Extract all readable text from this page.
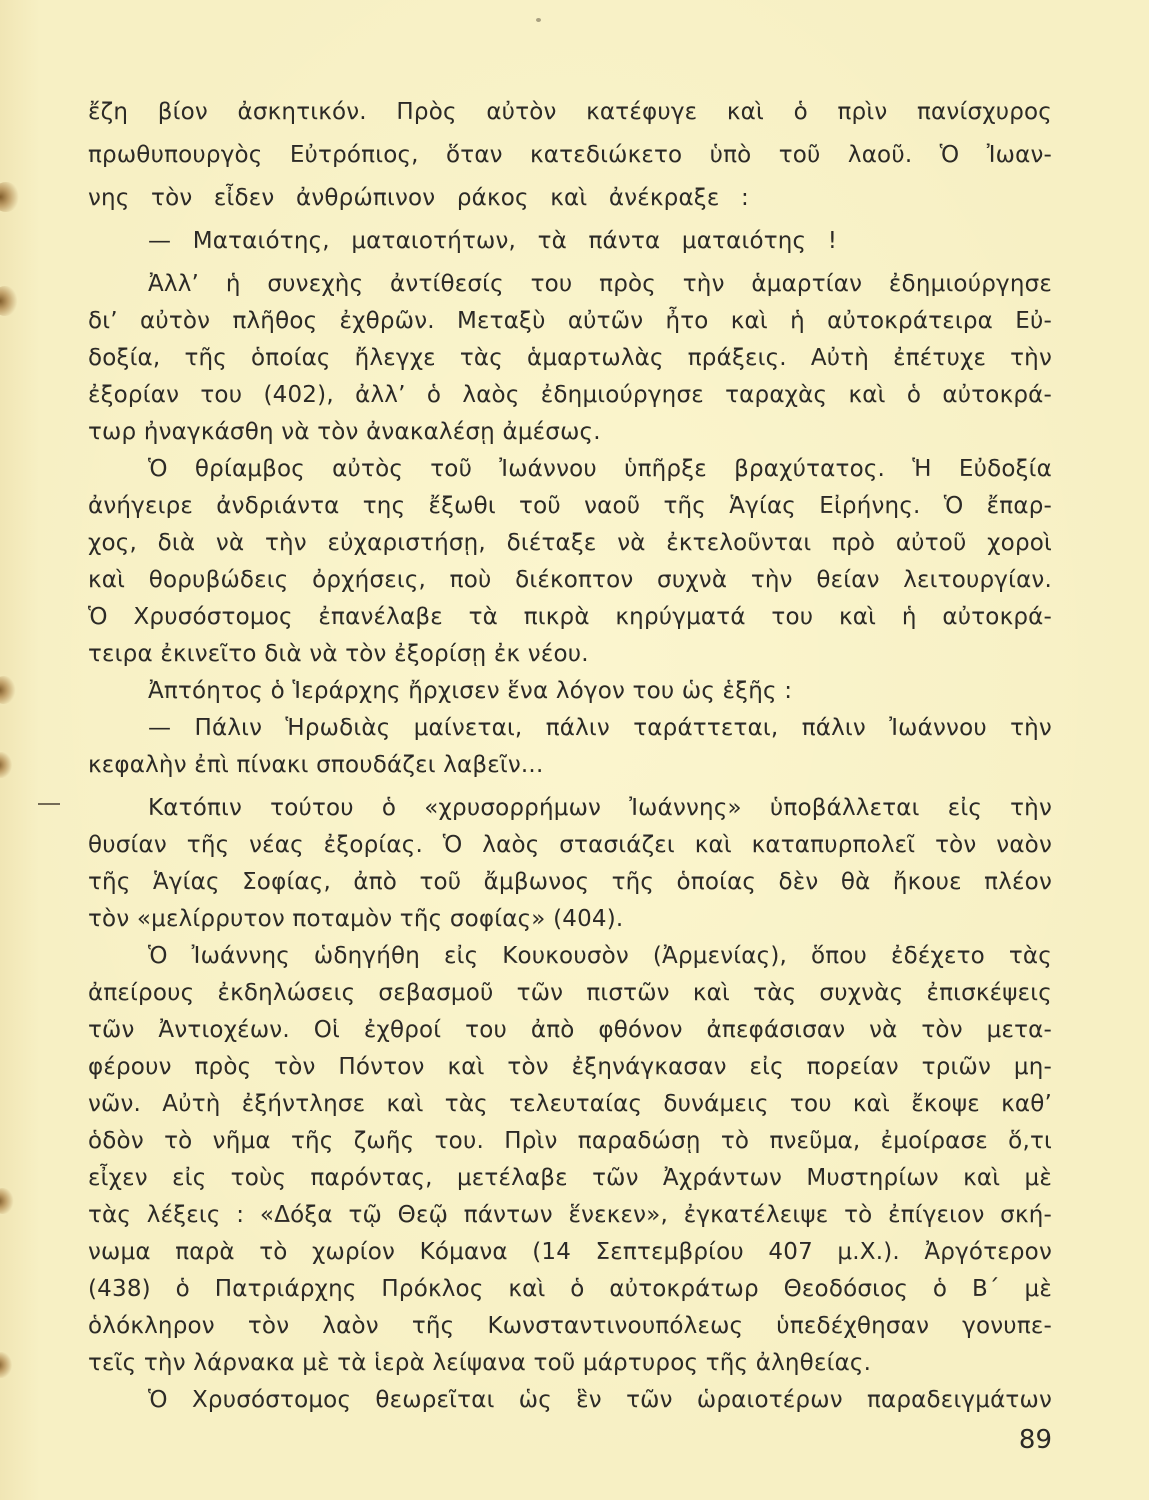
ἔζη βίον ἀσκητικόν. Πρὸς αὐτὸν κατέφυγε καὶ ὁ πρὶν πανίσχυρος
πρωθυπουργὸς Εὐτρόπιος, ὅταν κατεδιώκετο ὑπὸ τοῦ λαοῦ. Ὁ Ἰωαν-
νης τὸν εἶδεν ἀνθρώπινον ράκος καὶ ἀνέκραξε :
— Ματαιότης, ματαιοτήτων, τὰ πάντα ματαιότης !
Ἀλλ’ ἡ συνεχὴς ἀντίθεσίς του πρὸς τὴν ἁμαρτίαν ἐδημιούργησε
δι’ αὐτὸν πλῆθος ἐχθρῶν. Μεταξὺ αὐτῶν ἦτο καὶ ἡ αὐτοκράτειρα Εὐ-
δοξία, τῆς ὁποίας ἤλεγχε τὰς ἁμαρτωλὰς πράξεις. Αὐτὴ ἐπέτυχε τὴν
ἐξορίαν του (402), ἀλλ’ ὁ λαὸς ἐδημιούργησε ταραχὰς καὶ ὁ αὐτοκρά-
τωρ ἠναγκάσθη νὰ τὸν ἀνακαλέσῃ ἀμέσως.
Ὁ θρίαμβος αὐτὸς τοῦ Ἰωάννου ὑπῆρξε βραχύτατος. Ἡ Εὐδοξία
ἀνήγειρε ἀνδριάντα της ἔξωθι τοῦ ναοῦ τῆς Ἁγίας Εἰρήνης. Ὁ ἔπαρ-
χος, διὰ νὰ τὴν εὐχαριστήσῃ, διέταξε νὰ ἐκτελοῦνται πρὸ αὐτοῦ χοροὶ
καὶ θορυβώδεις ὀρχήσεις, ποὺ διέκοπτον συχνὰ τὴν θείαν λειτουργίαν.
Ὁ Χρυσόστομος ἐπανέλαβε τὰ πικρὰ κηρύγματά του καὶ ἡ αὐτοκρά-
τειρα ἐκινεῖτο διὰ νὰ τὸν ἐξορίσῃ ἐκ νέου.
Ἀπτόητος ὁ Ἱεράρχης ἤρχισεν ἕνα λόγον του ὡς ἑξῆς :
— Πάλιν Ἡρωδιὰς μαίνεται, πάλιν ταράττεται, πάλιν Ἰωάννου τὴν
κεφαλὴν ἐπὶ πίνακι σπουδάζει λαβεῖν...
Κατόπιν τούτου ὁ «χρυσορρήμων Ἰωάννης» ὑποβάλλεται εἰς τὴν
θυσίαν τῆς νέας ἐξορίας. Ὁ λαὸς στασιάζει καὶ καταπυρπολεῖ τὸν ναὸν
τῆς Ἁγίας Σοφίας, ἀπὸ τοῦ ἄμβωνος τῆς ὁποίας δὲν θὰ ἤκουε πλέον
τὸν «μελίρρυτον ποταμὸν τῆς σοφίας» (404).
Ὁ Ἰωάννης ὡδηγήθη εἰς Κουκουσὸν (Ἀρμενίας), ὅπου ἐδέχετο τὰς
ἀπείρους ἐκδηλώσεις σεβασμοῦ τῶν πιστῶν καὶ τὰς συχνὰς ἐπισκέψεις
τῶν Ἀντιοχέων. Οἱ ἐχθροί του ἀπὸ φθόνον ἀπεφάσισαν νὰ τὸν μετα-
φέρουν πρὸς τὸν Πόντον καὶ τὸν ἐξηνάγκασαν εἰς πορείαν τριῶν μη-
νῶν. Αὐτὴ ἐξήντλησε καὶ τὰς τελευταίας δυνάμεις του καὶ ἔκοψε καθ’
ὁδὸν τὸ νῆμα τῆς ζωῆς του. Πρὶν παραδώσῃ τὸ πνεῦμα, ἐμοίρασε ὅ,τι
εἶχεν εἰς τοὺς παρόντας, μετέλαβε τῶν Ἀχράντων Μυστηρίων καὶ μὲ
τὰς λέξεις : «Δόξα τῷ Θεῷ πάντων ἕνεκεν», ἐγκατέλειψε τὸ ἐπίγειον σκή-
νωμα παρὰ τὸ χωρίον Κόμανα (14 Σεπτεμβρίου 407 μ.Χ.). Ἀργότερον
(438) ὁ Πατριάρχης Πρόκλος καὶ ὁ αὐτοκράτωρ Θεοδόσιος ὁ Β΄ μὲ
ὁλόκληρον τὸν λαὸν τῆς Κωνσταντινουπόλεως ὑπεδέχθησαν γονυπε-
τεῖς τὴν λάρνακα μὲ τὰ ἱερὰ λείψανα τοῦ μάρτυρος τῆς ἀληθείας.
Ὁ Χρυσόστομος θεωρεῖται ὡς ἓν τῶν ὡραιοτέρων παραδειγμάτων
89
